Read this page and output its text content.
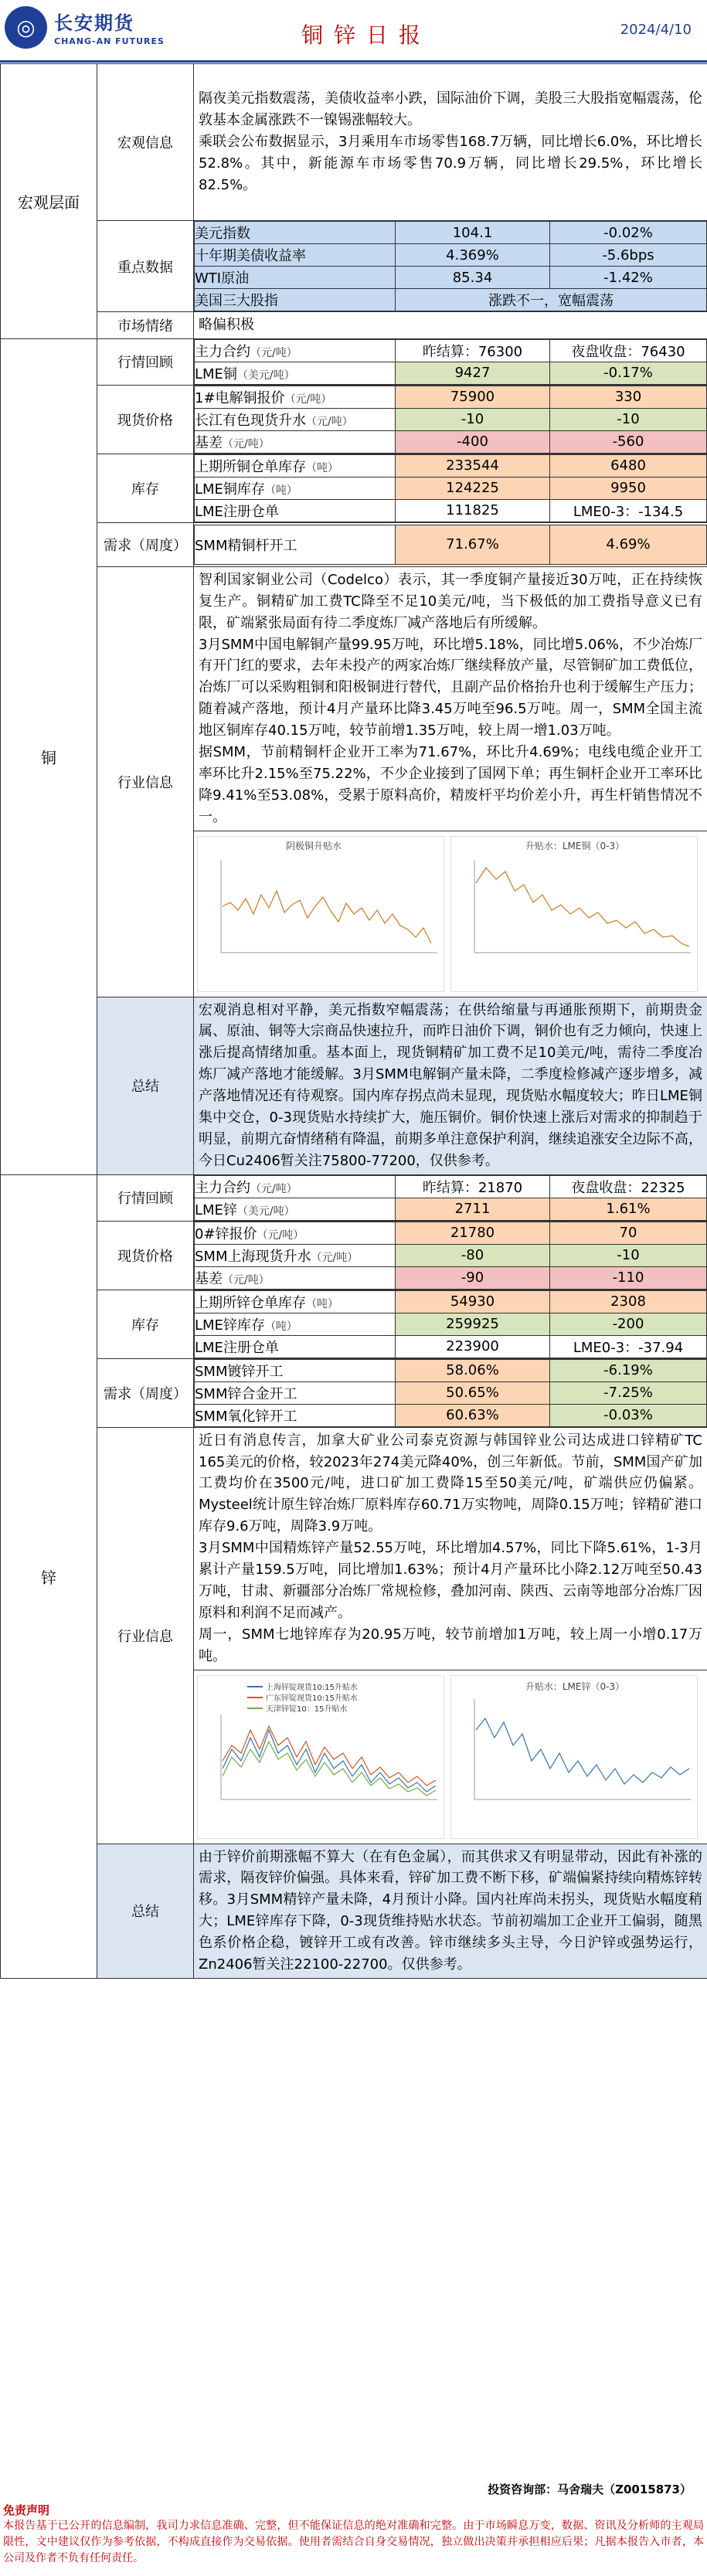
◎	长安期货
CHANG-AN FUTURES	铜锌日报	2024/4/10
宏观层面	宏观信息	隔夜美元指数震荡，美债收益率小跌，国际油价下调，美股三大股指宽幅震荡，伦敦基本金属涨跌不一镍锡涨幅较大。
乘联会公布数据显示，3月乘用车市场零售168.7万辆，同比增长6.0%，环比增长52.8%。其中，新能源车市场零售70.9万辆，同比增长29.5%，环比增长82.5%。
重点数据	
美元指数	104.1	-0.02%
十年期美债收益率	4.369%	-5.6bps
WTI原油	85.34	-1.42%
美国三大股指	涨跌不一，宽幅震荡

市场情绪	略偏积极
铜	行情回顾	
主力合约（元/吨）	昨结算：76300	夜盘收盘：76430
LME铜（美元/吨）	9427	-0.17%

现货价格	
1#电解铜报价（元/吨）	75900	330
长江有色现货升水（元/吨）	-10	-10
基差（元/吨）	-400	-560

库存	
上期所铜仓单库存（吨）	233544	6480
LME铜库存（吨）	124225	9950
LME注册仓单	111825	LME0-3：-134.5

需求（周度）	SMM精铜杆开工	71.67%	4.69%

行业信息	智利国家铜业公司（Codelco）表示，其一季度铜产量接近30万吨，正在持续恢复生产。铜精矿加工费TC降至不足10美元/吨，当下极低的加工费指导意义已有限，矿端紧张局面有待二季度炼厂减产落地后有所缓解。
3月SMM中国电解铜产量99.95万吨，环比增5.18%，同比增5.06%，不少冶炼厂有开门红的要求，去年未投产的两家冶炼厂继续释放产量，尽管铜矿加工费低位，冶炼厂可以采购粗铜和阳极铜进行替代，且副产品价格抬升也利于缓解生产压力；随着减产落地，预计4月产量环比降3.45万吨至96.5万吨。周一，SMM全国主流地区铜库存40.15万吨，较节前增1.35万吨，较上周一增1.03万吨。
据SMM，节前精铜杆企业开工率为71.67%，环比升4.69%；电线电缆企业开工率环比升2.15%至75.22%，不少企业接到了国网下单；再生铜杆企业开工率环比降9.41%至53.08%，受累于原料高价，精废杆平均价差小升，再生杆销售情况不一。

阴极铜升贴水	升贴水：LME铜（0-3）

总结	宏观消息相对平静，美元指数窄幅震荡；在供给缩量与再通胀预期下，前期贵金属、原油、铜等大宗商品快速拉升，而昨日油价下调，铜价也有乏力倾向，快速上涨后提高情绪加重。基本面上，现货铜精矿加工费不足10美元/吨，需待二季度冶炼厂减产落地才能缓解。3月SMM电解铜产量未降，二季度检修减产逐步增多，减产落地情况还有待观察。国内库存拐点尚未显现，现货贴水幅度较大；昨日LME铜集中交仓，0-3现货贴水持续扩大，施压铜价。铜价快速上涨后对需求的抑制趋于明显，前期亢奋情绪稍有降温，前期多单注意保护利润，继续追涨安全边际不高，今日Cu2406暂关注75800-77200，仅供参考。
锌	行情回顾	
主力合约（元/吨）	昨结算：21870	夜盘收盘：22325
LME锌（美元/吨）	2711	1.61%

现货价格	
0#锌报价（元/吨）	21780	70
SMM上海现货升水（元/吨）	-80	-10
基差（元/吨）	-90	-110

库存	
上期所锌仓单库存（吨）	54930	2308
LME锌库存（吨）	259925	-200
LME注册仓单	223900	LME0-3：-37.94

需求（周度）	
SMM镀锌开工	58.06%	-6.19%
SMM锌合金开工	50.65%	-7.25%
SMM氧化锌开工	60.63%	-0.03%

行业信息	近日有消息传言，加拿大矿业公司泰克资源与韩国锌业公司达成进口锌精矿TC 165美元的价格，较2023年274美元降40%，创三年新低。节前，SMM国产矿加工费均价在3500元/吨，进口矿加工费降15至50美元/吨，矿端供应仍偏紧。Mysteel统计原生锌冶炼厂原料库存60.71万实物吨，周降0.15万吨；锌精矿港口库存9.6万吨，周降3.9万吨。
3月SMM中国精炼锌产量52.55万吨，环比增加4.57%，同比下降5.61%，1-3月累计产量159.5万吨，同比增加1.63%；预计4月产量环比小降2.12万吨至50.43万吨，甘肃、新疆部分冶炼厂常规检修，叠加河南、陕西、云南等地部分冶炼厂因原料和利润不足而减产。
周一，SMM七地锌库存为20.95万吨，较节前增加1万吨，较上周一小增0.17万吨。

上海锌锭现货10:15升贴水
广东锌锭现货10:15升贴水
天津锌锭10：15升贴水
升贴水：LME锌（0-3）

总结	由于锌价前期涨幅不算大（在有色金属），而其供求又有明显带动，因此有补涨的需求，隔夜锌价偏强。具体来看，锌矿加工费不断下移，矿端偏紧持续向精炼锌转移。3月SMM精锌产量未降，4月预计小降。国内社库尚未拐头，现货贴水幅度稍大；LME锌库存下降，0-3现货维持贴水状态。节前初端加工企业开工偏弱，随黑色系价格企稳，镀锌开工或有改善。锌市继续多头主导，今日沪锌或强势运行，Zn2406暂关注22100-22700。仅供参考。
投资咨询部：马舍瑞夫（Z0015873）
免责声明
本报告基于已公开的信息编制，我司力求信息准确、完整，但不能保证信息的绝对准确和完整。由于市场瞬息万变，数据、资讯及分析师的主观局限性，文中建议仅作为参考依据，不构成直接作为交易依据。使用者需结合自身交易情况，独立做出决策并承担相应后果；凡据本报告入市者，本公司及作者不负有任何责任。
